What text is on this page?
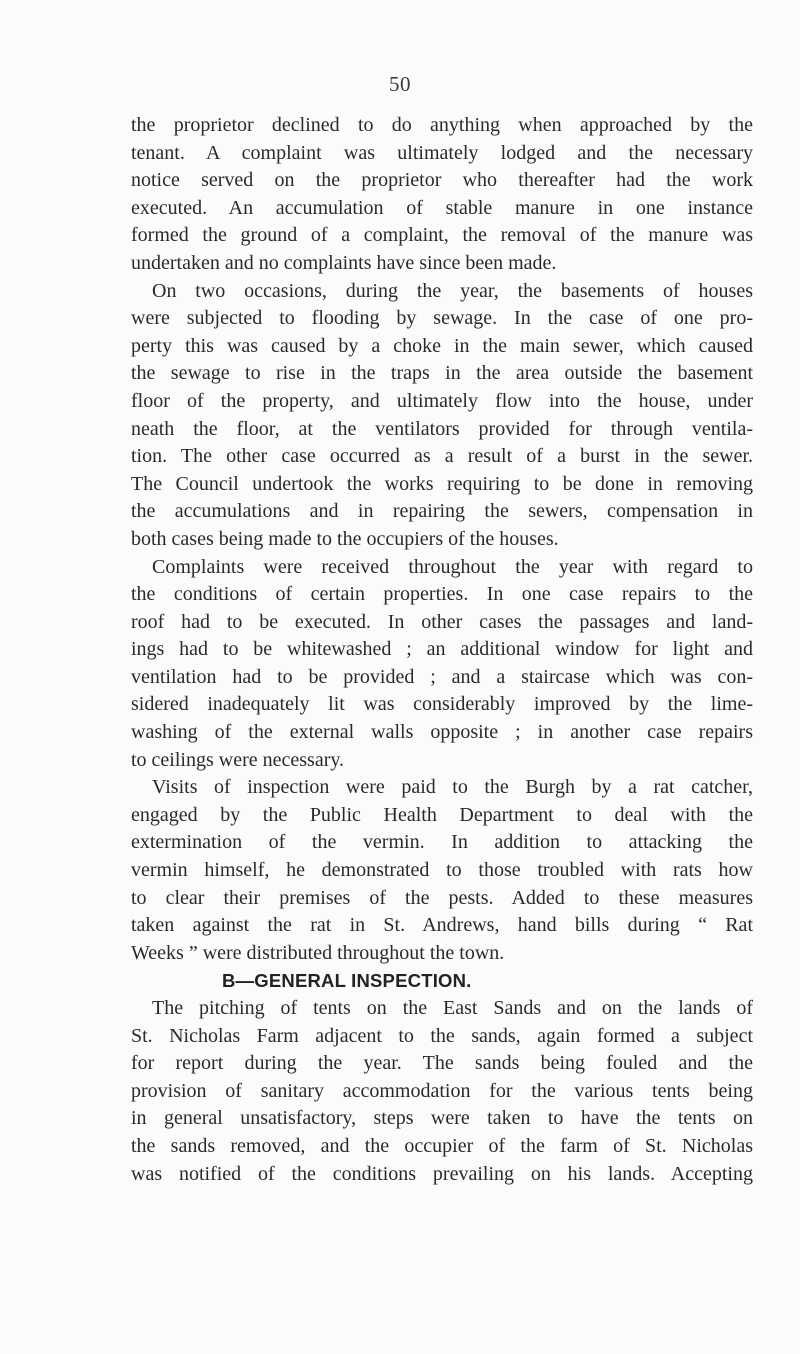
50
the proprietor declined to do anything when approached by the
tenant. A complaint was ultimately lodged and the necessary
notice served on the proprietor who thereafter had the work
executed. An accumulation of stable manure in one instance
formed the ground of a complaint, the removal of the manure was
undertaken and no complaints have since been made.
On two occasions, during the year, the basements of houses
were subjected to flooding by sewage. In the case of one pro-
perty this was caused by a choke in the main sewer, which caused
the sewage to rise in the traps in the area outside the basement
floor of the property, and ultimately flow into the house, under
neath the floor, at the ventilators provided for through ventila-
tion. The other case occurred as a result of a burst in the sewer.
The Council undertook the works requiring to be done in removing
the accumulations and in repairing the sewers, compensation in
both cases being made to the occupiers of the houses.
Complaints were received throughout the year with regard to
the conditions of certain properties. In one case repairs to the
roof had to be executed. In other cases the passages and land-
ings had to be whitewashed ; an additional window for light and
ventilation had to be provided ; and a staircase which was con-
sidered inadequately lit was considerably improved by the lime-
washing of the external walls opposite ; in another case repairs
to ceilings were necessary.
Visits of inspection were paid to the Burgh by a rat catcher,
engaged by the Public Health Department to deal with the
extermination of the vermin. In addition to attacking the
vermin himself, he demonstrated to those troubled with rats how
to clear their premises of the pests. Added to these measures
taken against the rat in St. Andrews, hand bills during “ Rat
Weeks ” were distributed throughout the town.
B—GENERAL INSPECTION.
The pitching of tents on the East Sands and on the lands of
St. Nicholas Farm adjacent to the sands, again formed a subject
for report during the year. The sands being fouled and the
provision of sanitary accommodation for the various tents being
in general unsatisfactory, steps were taken to have the tents on
the sands removed, and the occupier of the farm of St. Nicholas
was notified of the conditions prevailing on his lands. Accepting
